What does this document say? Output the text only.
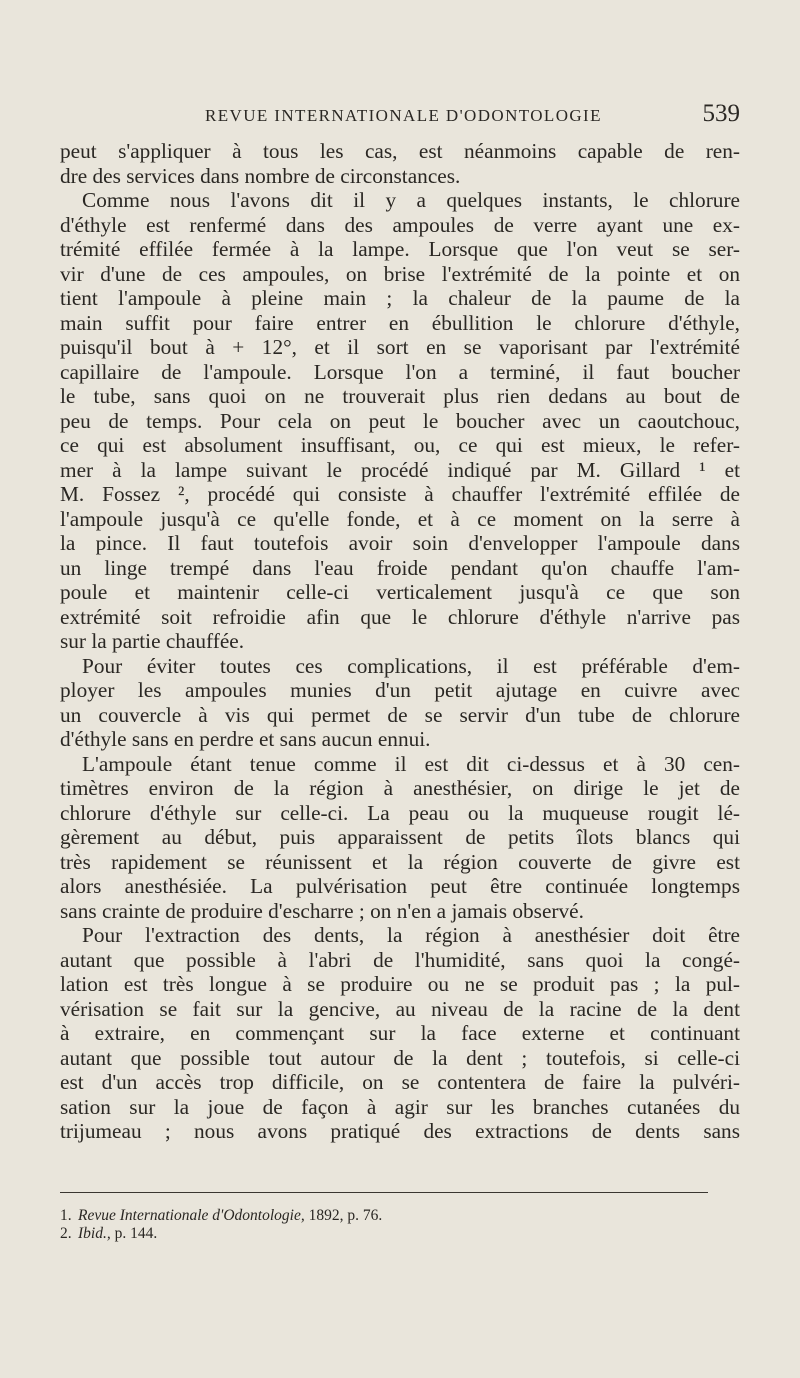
REVUE INTERNATIONALE D'ODONTOLOGIE	539
peut s'appliquer à tous les cas, est néanmoins capable de ren-
dre des services dans nombre de circonstances.
Comme nous l'avons dit il y a quelques instants, le chlorure
d'éthyle est renfermé dans des ampoules de verre ayant une ex-
trémité effilée fermée à la lampe. Lorsque que l'on veut se ser-
vir d'une de ces ampoules, on brise l'extrémité de la pointe et on
tient l'ampoule à pleine main ; la chaleur de la paume de la
main suffit pour faire entrer en ébullition le chlorure d'éthyle,
puisqu'il bout à + 12°, et il sort en se vaporisant par l'extrémité
capillaire de l'ampoule. Lorsque l'on a terminé, il faut boucher
le tube, sans quoi on ne trouverait plus rien dedans au bout de
peu de temps. Pour cela on peut le boucher avec un caoutchouc,
ce qui est absolument insuffisant, ou, ce qui est mieux, le refer-
mer à la lampe suivant le procédé indiqué par M. Gillard ¹ et
M. Fossez ², procédé qui consiste à chauffer l'extrémité effilée de
l'ampoule jusqu'à ce qu'elle fonde, et à ce moment on la serre à
la pince. Il faut toutefois avoir soin d'envelopper l'ampoule dans
un linge trempé dans l'eau froide pendant qu'on chauffe l'am-
poule et maintenir celle-ci verticalement jusqu'à ce que son
extrémité soit refroidie afin que le chlorure d'éthyle n'arrive pas
sur la partie chauffée.
Pour éviter toutes ces complications, il est préférable d'em-
ployer les ampoules munies d'un petit ajutage en cuivre avec
un couvercle à vis qui permet de se servir d'un tube de chlorure
d'éthyle sans en perdre et sans aucun ennui.
L'ampoule étant tenue comme il est dit ci-dessus et à 30 cen-
timètres environ de la région à anesthésier, on dirige le jet de
chlorure d'éthyle sur celle-ci. La peau ou la muqueuse rougit lé-
gèrement au début, puis apparaissent de petits îlots blancs qui
très rapidement se réunissent et la région couverte de givre est
alors anesthésiée. La pulvérisation peut être continuée longtemps
sans crainte de produire d'escharre ; on n'en a jamais observé.
Pour l'extraction des dents, la région à anesthésier doit être
autant que possible à l'abri de l'humidité, sans quoi la congé-
lation est très longue à se produire ou ne se produit pas ; la pul-
vérisation se fait sur la gencive, au niveau de la racine de la dent
à extraire, en commençant sur la face externe et continuant
autant que possible tout autour de la dent ; toutefois, si celle-ci
est d'un accès trop difficile, on se contentera de faire la pulvéri-
sation sur la joue de façon à agir sur les branches cutanées du
trijumeau ; nous avons pratiqué des extractions de dents sans
1. Revue Internationale d'Odontologie, 1892, p. 76.
2. Ibid., p. 144.
